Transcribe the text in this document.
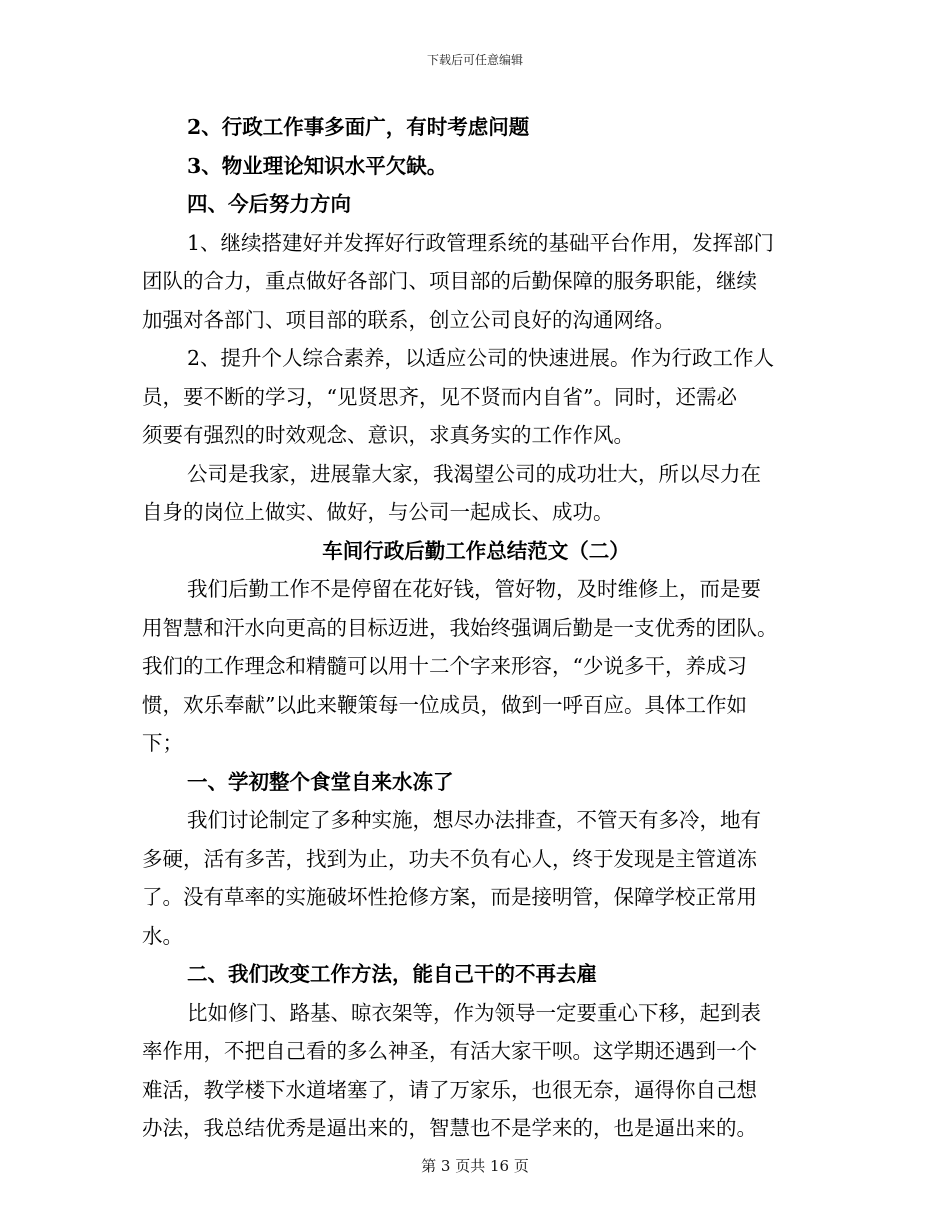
下载后可任意编辑
2、行政工作事多面广，有时考虑问题
3、物业理论知识水平欠缺。
四、今后努力方向
1、继续搭建好并发挥好行政管理系统的基础平台作用，发挥部门
团队的合力，重点做好各部门、项目部的后勤保障的服务职能，继续
加强对各部门、项目部的联系，创立公司良好的沟通网络。
2、提升个人综合素养，以适应公司的快速进展。作为行政工作人
员，要不断的学习，“见贤思齐，见不贤而内自省”。同时，还需必
须要有强烈的时效观念、意识，求真务实的工作作风。
公司是我家，进展靠大家，我渴望公司的成功壮大，所以尽力在
自身的岗位上做实、做好，与公司一起成长、成功。
车间行政后勤工作总结范文（二）
我们后勤工作不是停留在花好钱，管好物，及时维修上，而是要
用智慧和汗水向更高的目标迈进，我始终强调后勤是一支优秀的团队。
我们的工作理念和精髓可以用十二个字来形容，“少说多干，养成习
惯，欢乐奉献”以此来鞭策每一位成员，做到一呼百应。具体工作如
下；
一、学初整个食堂自来水冻了
我们讨论制定了多种实施，想尽办法排查，不管天有多冷，地有
多硬，活有多苦，找到为止，功夫不负有心人，终于发现是主管道冻
了。没有草率的实施破坏性抢修方案，而是接明管，保障学校正常用
水。
二、我们改变工作方法，能自己干的不再去雇
比如修门、路基、晾衣架等，作为领导一定要重心下移，起到表
率作用，不把自己看的多么神圣，有活大家干呗。这学期还遇到一个
难活，教学楼下水道堵塞了，请了万家乐，也很无奈，逼得你自己想
办法，我总结优秀是逼出来的，智慧也不是学来的，也是逼出来的。
第 3 页共 16 页
